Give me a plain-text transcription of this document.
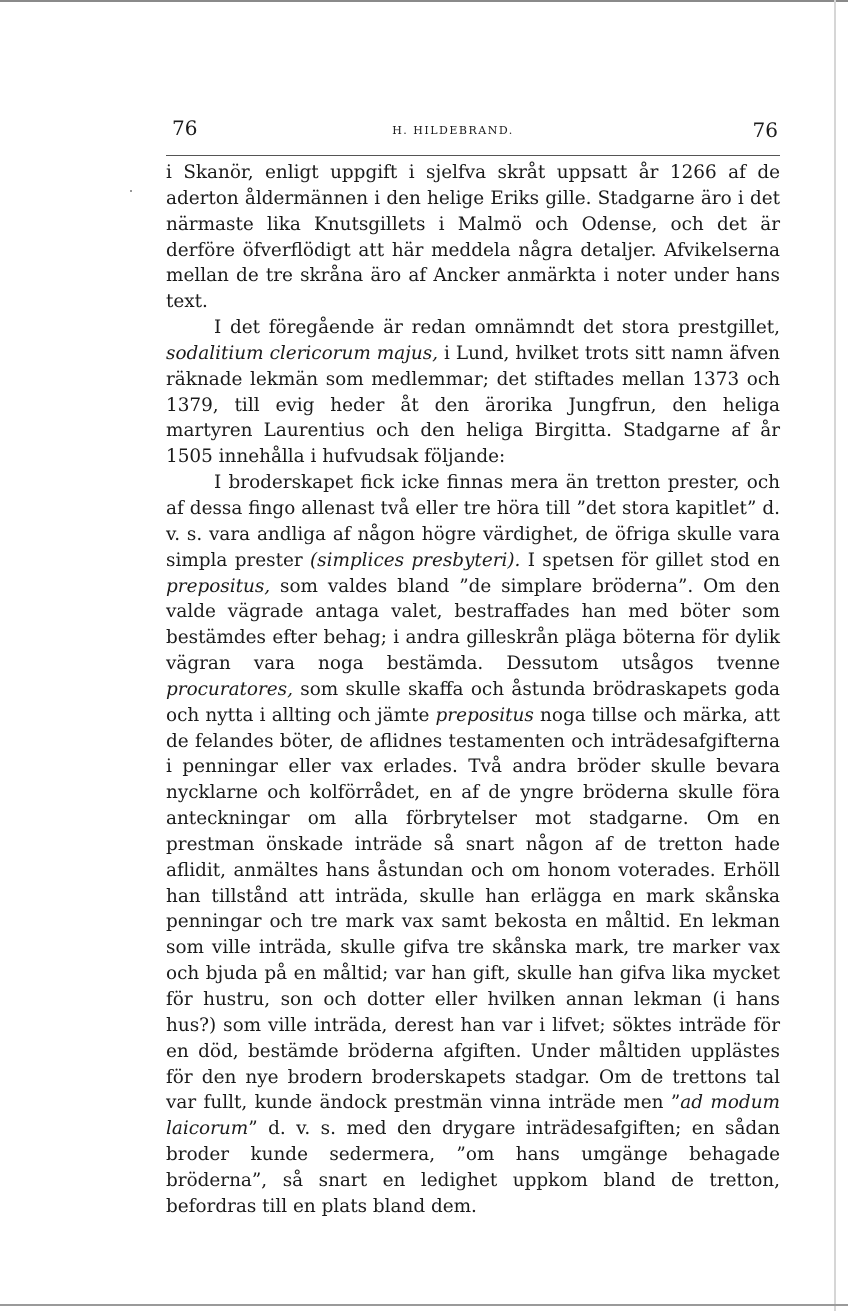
76	H. HILDEBRAND.	76

i Skanör, enligt uppgift i sjelfva skråt uppsatt år 1266 af de aderton åldermännen i den helige Eriks gille. Stadgarne äro i det närmaste lika Knutsgillets i Malmö och Odense, och det är derföre öfverflödigt att här meddela några detaljer. Afvikelserna mellan de tre skråna äro af Ancker anmärkta i noter under hans text.

I det föregående är redan omnämndt det stora prestgillet, sodalitium clericorum majus, i Lund, hvilket trots sitt namn äfven räknade lekmän som medlemmar; det stiftades mellan 1373 och 1379, till evig heder åt den ärorika Jungfrun, den heliga martyren Laurentius och den heliga Birgitta. Stadgarne af år 1505 innehålla i hufvudsak följande:

I broderskapet fick icke finnas mera än tretton prester, och af dessa fingo allenast två eller tre höra till ”det stora kapitlet” d. v. s. vara andliga af någon högre värdighet, de öfriga skulle vara simpla prester (simplices presbyteri). I spetsen för gillet stod en prepositus, som valdes bland ”de simplare bröderna”. Om den valde vägrade antaga valet, bestraffades han med böter som bestämdes efter behag; i andra gilleskrån pläga böterna för dylik vägran vara noga bestämda. Dessutom utsågos tvenne procuratores, som skulle skaffa och åstunda brödraskapets goda och nytta i allting och jämte prepositus noga tillse och märka, att de felandes böter, de aflidnes testamenten och inträdesafgifterna i penningar eller vax erlades. Två andra bröder skulle bevara nycklarne och kolförrådet, en af de yngre bröderna skulle föra anteckningar om alla förbrytelser mot stadgarne. Om en prestman önskade inträde så snart någon af de tretton hade aflidit, anmältes hans åstundan och om honom voterades. Erhöll han tillstånd att inträda, skulle han erlägga en mark skånska penningar och tre mark vax samt bekosta en måltid. En lekman som ville inträda, skulle gifva tre skånska mark, tre marker vax och bjuda på en måltid; var han gift, skulle han gifva lika mycket för hustru, son och dotter eller hvilken annan lekman (i hans hus?) som ville inträda, derest han var i lifvet; söktes inträde för en död, bestämde bröderna afgiften. Under måltiden upplästes för den nye brodern broderskapets stadgar. Om de trettons tal var fullt, kunde ändock prestmän vinna inträde men ”ad modum laicorum” d. v. s. med den drygare inträdesafgiften; en sådan broder kunde sedermera, ”om hans umgänge behagade bröderna”, så snart en ledighet uppkom bland de tretton, befordras till en plats bland dem.
